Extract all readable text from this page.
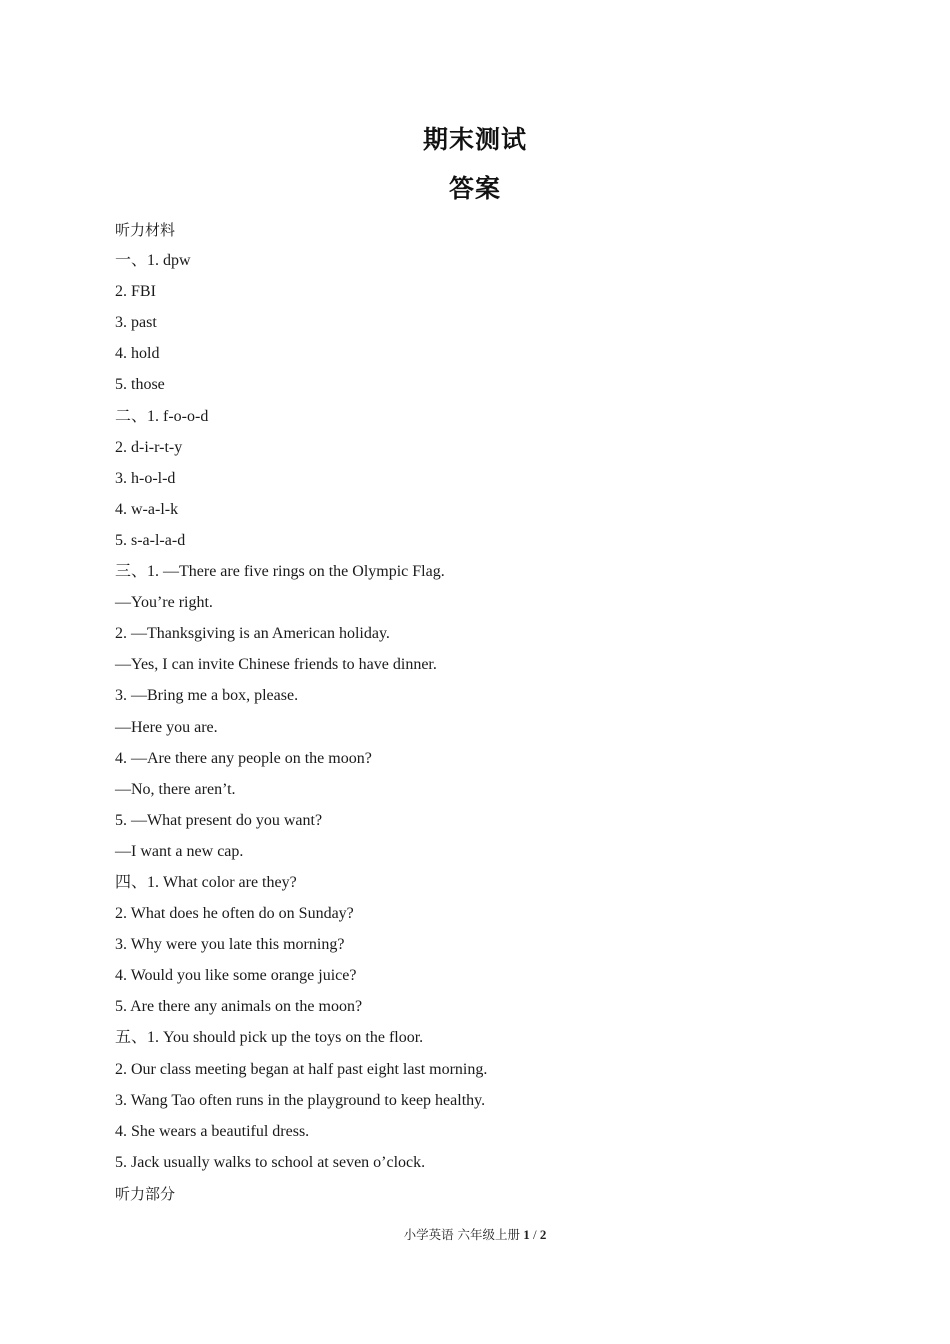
期末测试
答案
听力材料
一、1. dpw
2. FBI
3. past
4. hold
5. those
二、1. f-o-o-d
2. d-i-r-t-y
3. h-o-l-d
4. w-a-l-k
5. s-a-l-a-d
三、1. —There are five rings on the Olympic Flag.
—You’re right.
2. —Thanksgiving is an American holiday.
—Yes, I can invite Chinese friends to have dinner.
3. —Bring me a box, please.
—Here you are.
4. —Are there any people on the moon?
—No, there aren’t.
5. —What present do you want?
—I want a new cap.
四、1. What color are they?
2. What does he often do on Sunday?
3. Why were you late this morning?
4. Would you like some orange juice?
5. Are there any animals on the moon?
五、1. You should pick up the toys on the floor.
2. Our class meeting began at half past eight last morning.
3. Wang Tao often runs in the playground to keep healthy.
4. She wears a beautiful dress.
5. Jack usually walks to school at seven o’clock.
听力部分
小学英语 六年级上册 1 / 2
